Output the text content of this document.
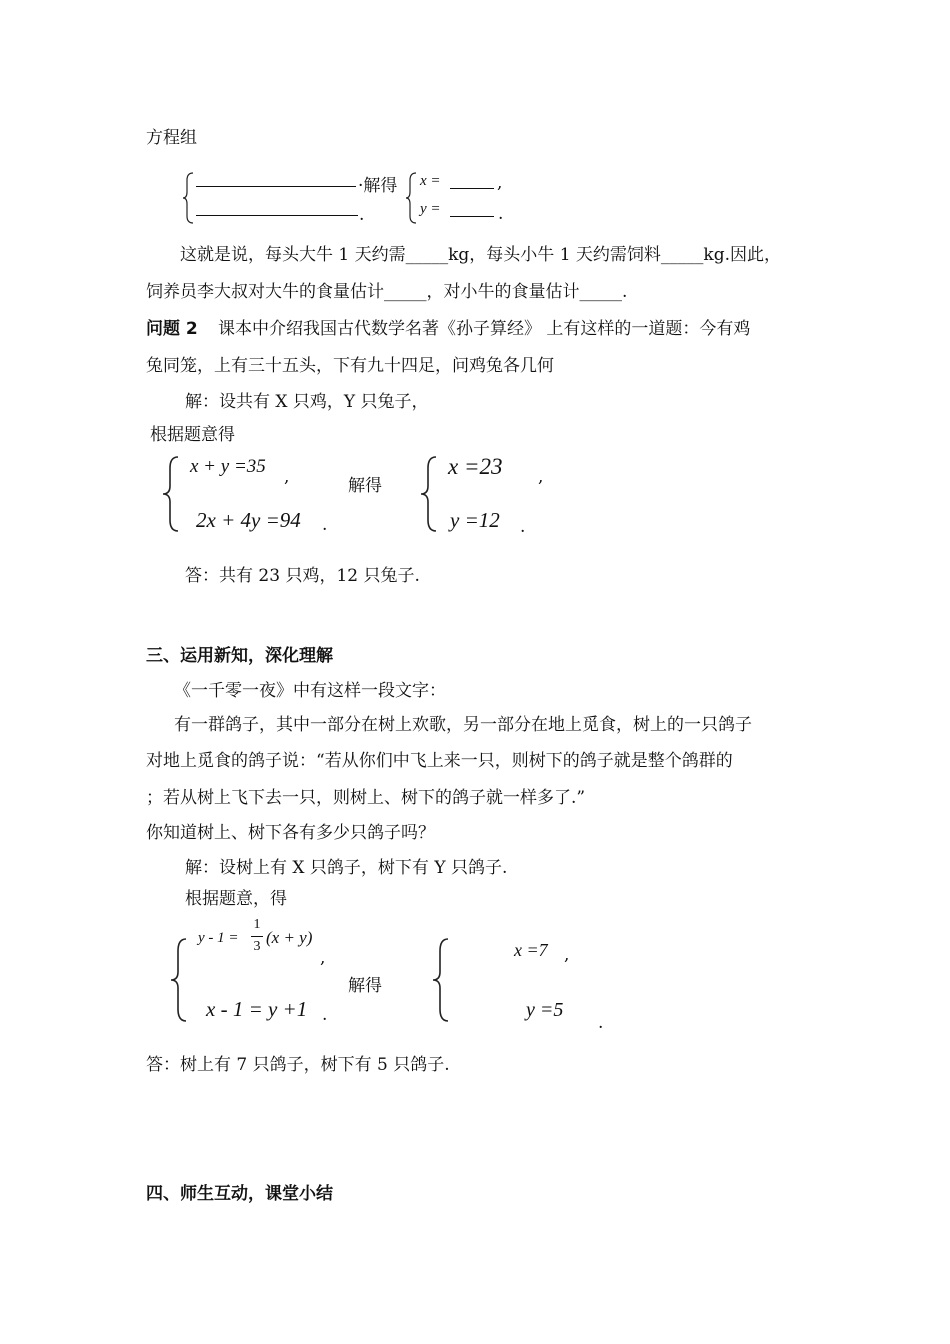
方程组
·解得
.
x =	,
y =	.
这就是说，每头大牛 1 天约需_____kg，每头小牛 1 天约需饲料_____kg.因此，
饲养员李大叔对大牛的食量估计_____，对小牛的食量估计_____.
问题 2 课本中介绍我国古代数学名著《孙子算经》 上有这样的一道题：今有鸡
兔同笼，上有三十五头，下有九十四足，问鸡兔各几何
解：设共有 X 只鸡，Y 只兔子，
根据题意得
x + y =35 ,
2x + 4y =94 .
解得
x =23 ,
y =12 .
答：共有 23 只鸡，12 只兔子.
三、运用新知，深化理解
《一千零一夜》中有这样一段文字：
有一群鸽子，其中一部分在树上欢歌，另一部分在地上觅食，树上的一只鸽子
对地上觅食的鸽子说：“若从你们中飞上来一只，则树下的鸽子就是整个鸽群的
；若从树上飞下去一只，则树上、树下的鸽子就一样多了.”
你知道树上、树下各有多少只鸽子吗？
解：设树上有 X 只鸽子，树下有 Y 只鸽子.
根据题意，得
y - 1 =
1
3 (x + y)
,
x - 1 = y +1 .
解得
x =7 ,
y =5
.
答：树上有 7 只鸽子，树下有 5 只鸽子.
四、师生互动，课堂小结
